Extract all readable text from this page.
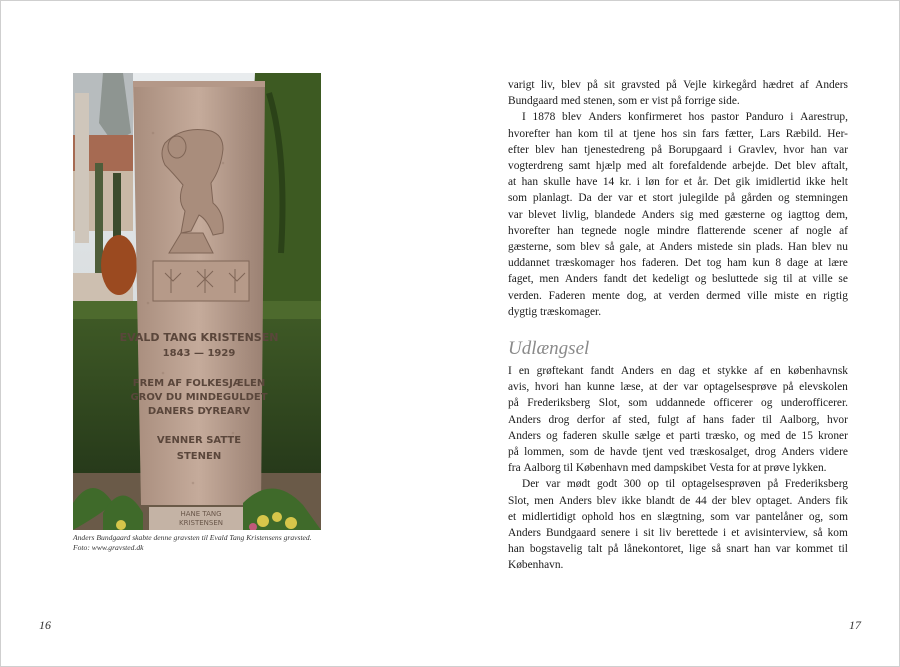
EVALD TANG KRISTENSEN
1843 — 1929
FREM AF FOLKESJÆLEN
GROV DU MINDEGULDET
DANERS DYREARV
VENNER SATTE
STENEN
HANE TANG
KRISTENSEN
Anders Bundgaard skabte denne gravsten til Evald Tang Kristensens gravsted.
Foto: www.gravsted.dk
16
varigt liv, blev på sit gravsted på Vejle kirkegård hædret af Anders
Bundgaard
med
stenen,
som
er
vist
på
forrige
side.

I 1878 blev Anders konfirmeret hos pastor Panduro i Aarestrup,
hvorefter han kom til at tjene hos sin fars fætter, Lars Ræbild. Her-
efter blev han tjenestedreng på Borupgaard i Gravlev, hvor han var
vogterdreng samt hjælp med alt forefaldende arbejde. Det blev aftalt,
at han skulle have 14 kr. i løn for et år. Det gik imidlertid ikke helt
som planlagt. Da der var et stort julegilde på gården og stemningen
var blevet livlig, blandede Anders sig med gæsterne og iagttog dem,
hvorefter han tegnede nogle mindre flatterende scener af nogle af
gæsterne, som blev så gale, at Anders mistede sin plads. Han blev nu
uddannet træskomager hos faderen. Det tog ham kun 8 dage at lære
faget, men Anders fandt det kedeligt og besluttede sig til at ville se
verden. Faderen mente dog, at verden dermed ville miste en rigtig
dygtig
træskomager.

Udlængsel
I en grøftekant fandt Anders en dag et stykke af en københavnsk
avis, hvori han kunne læse, at der var optagelsesprøve på elevskolen
på Frederiksberg Slot, som uddannede officerer og underofficerer.
Anders drog derfor af sted, fulgt af hans fader til Aalborg, hvor
Anders og faderen skulle sælge et parti træsko, og med de 15 kroner
på lommen, som de havde tjent ved træskosalget, drog Anders videre
fra
Aalborg
til
København
med
dampskibet
Vesta
for
at
prøve
lykken.

Der var mødt godt 300 op til optagelsesprøven på Frederiksberg
Slot, men Anders blev ikke blandt de 44 der blev optaget. Anders fik
et midlertidigt ophold hos en slægtning, som var pantelåner og, som
Anders Bundgaard senere i sit liv berettede i et avisinterview, så kom
han bogstavelig talt på lånekontoret, lige så snart han var kommet til
København.

17
